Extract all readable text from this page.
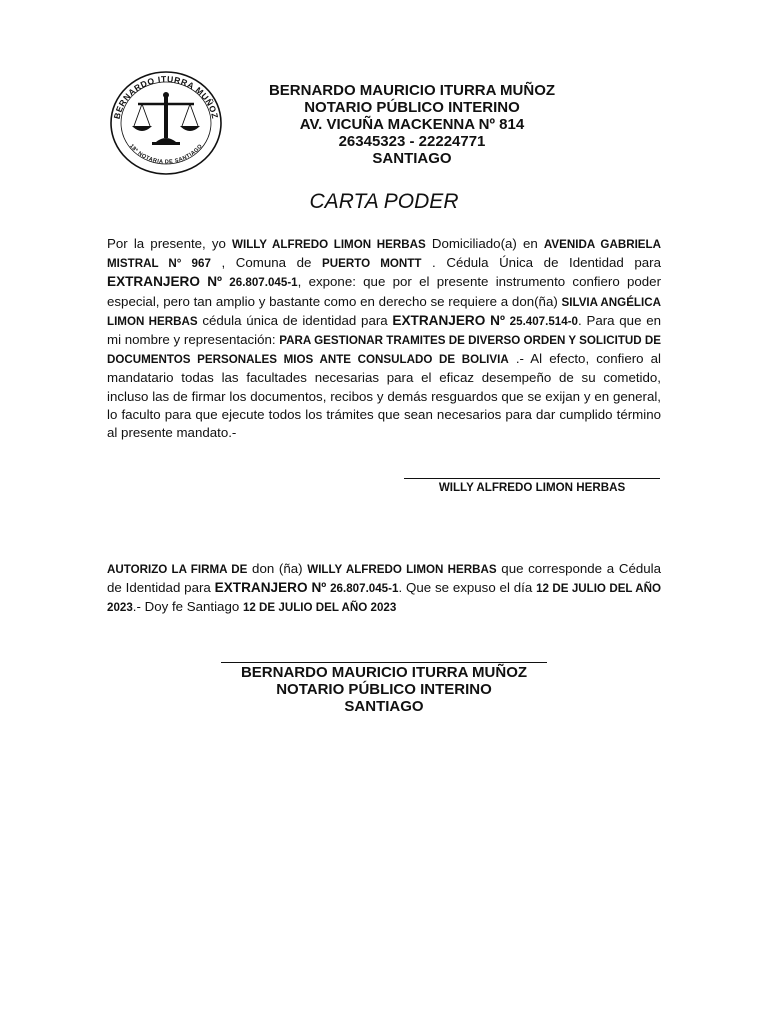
BERNARDO ITURRA MUÑOZ
18ª NOTARIA DE SANTIAGO
BERNARDO MAURICIO ITURRA MUÑOZ
NOTARIO PÚBLICO INTERINO
AV. VICUÑA MACKENNA Nº 814
26345323 - 22224771
SANTIAGO
CARTA PODER
Por la presente, yo WILLY ALFREDO LIMON HERBAS Domiciliado(a) en AVENIDA GABRIELA MISTRAL N° 967 , Comuna de PUERTO MONTT . Cédula Única de Identidad para EXTRANJERO Nº 26.807.045-1, expone: que por el presente instrumento confiero poder especial, pero tan amplio y bastante como en derecho se requiere a don(ña) SILVIA ANGÉLICA LIMON HERBAS cédula única de identidad para EXTRANJERO Nº 25.407.514-0. Para que en mi nombre y representación: PARA GESTIONAR TRAMITES DE DIVERSO ORDEN Y SOLICITUD DE DOCUMENTOS PERSONALES MIOS ANTE CONSULADO DE BOLIVIA .- Al efecto, confiero al mandatario todas las facultades necesarias para el eficaz desempeño de su cometido, incluso las de firmar los documentos, recibos y demás resguardos que se exijan y en general, lo faculto para que ejecute todos los trámites que sean necesarios para dar cumplido término al presente mandato.-
WILLY ALFREDO LIMON HERBAS
AUTORIZO LA FIRMA DE don (ña) WILLY ALFREDO LIMON HERBAS que corresponde a Cédula de Identidad para EXTRANJERO Nº 26.807.045-1. Que se expuso el día 12 DE JULIO DEL AÑO 2023.- Doy fe Santiago 12 DE JULIO DEL AÑO 2023
BERNARDO MAURICIO ITURRA MUÑOZ
NOTARIO PÚBLICO INTERINO
SANTIAGO
